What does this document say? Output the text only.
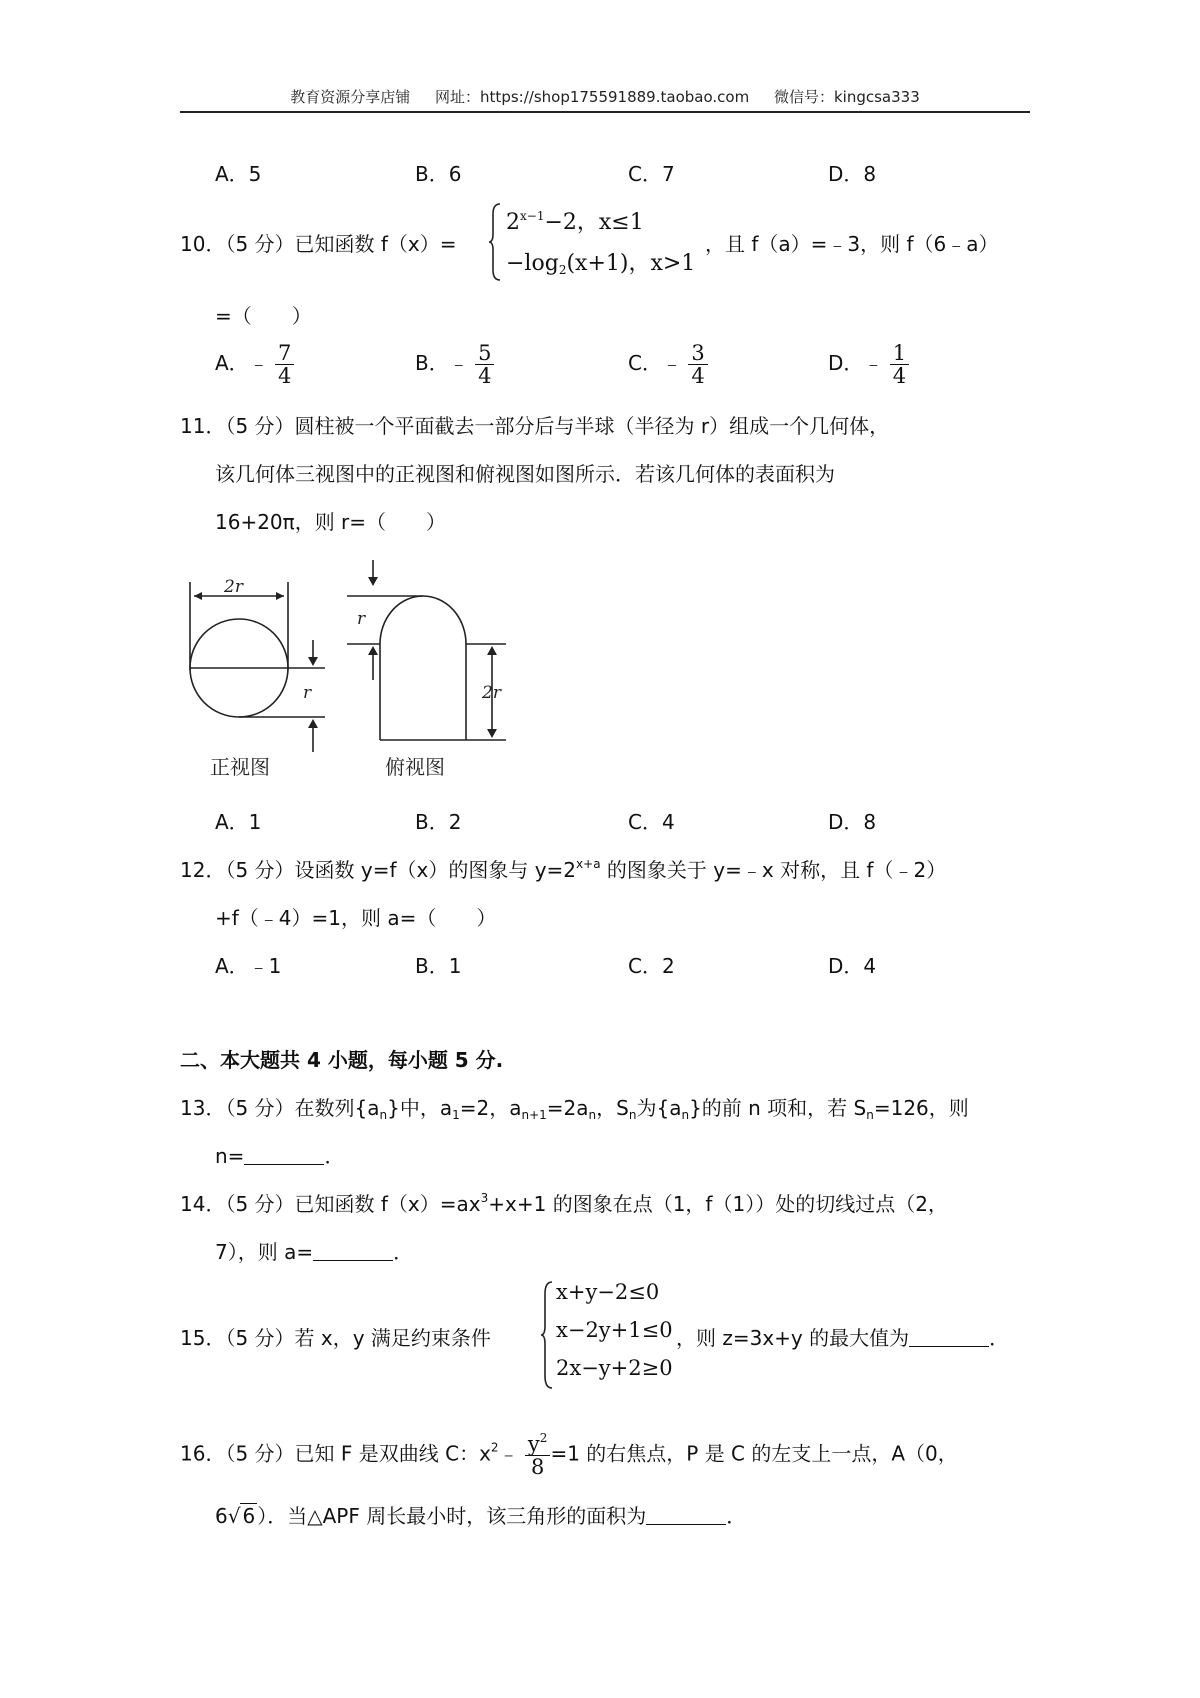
教育资源分享店铺 网址：https://shop175591889.taobao.com 微信号：kingcsa333
A．5	B．6	C．7	D．8
10．（5 分）已知函数 f（x）=
$2^{x-1}-2$，x≤1
$-\log_2(x+1)$，x>1
，且 f（a）=﹣3，则 f（6﹣a）
=（　　）
A．﹣ $\frac{7}{4}$	B．﹣ $\frac{5}{4}$	C．﹣ $\frac{3}{4}$	D．﹣ $\frac{1}{4}$
11．（5 分）圆柱被一个平面截去一部分后与半球（半径为 r）组成一个几何体，
该几何体三视图中的正视图和俯视图如图所示．若该几何体的表面积为
16+20π，则 r=（　　）
2r
r
正视图
r
2r
俯视图
A．1	B．2	C．4	D．8
12．（5 分）设函数 y=f（x）的图象与 $y=2^{x+a}$ 的图象关于 y=﹣x 对称，且 f（﹣2）
+f（﹣4）=1，则 a=（　　）
A．﹣1	B．1	C．2	D．4
二、本大题共 4 小题，每小题 5 分.
13．（5 分）在数列$\{a_n\}$中，$a_1=2$，$a_{n+1}=2a_n$，$S_n$为$\{a_n\}$的前 n 项和，若 $S_n=126$，则
n=	．
14．（5 分）已知函数 $f(x)=ax^3+x+1$ 的图象在点（1，f（1））处的切线过点（2，
7），则 a=	．
15．（5 分）若 x，y 满足约束条件
x+y−2≤0
x−2y+1≤0
2x−y+2≥0
，则 z=3x+y 的最大值为	．
16．（5 分）已知 F 是双曲线 C：$x^2﹣ \frac{y^2}{8} =1$ 的右焦点，P 是 C 的左支上一点，A（0，
6√ 6 ）．当△APF 周长最小时，该三角形的面积为	．
